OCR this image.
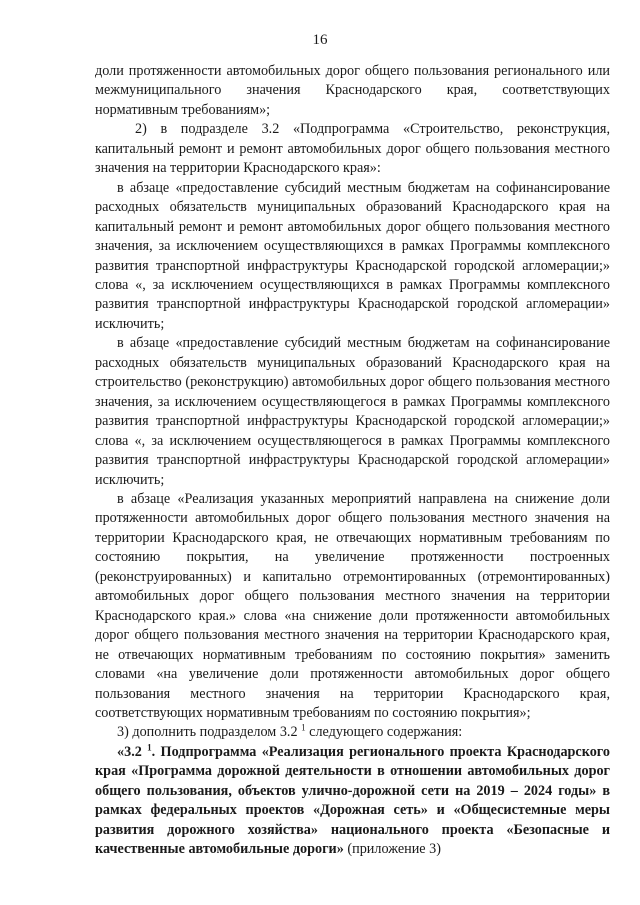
16

доли протяженности автомобильных дорог общего пользования регионального или межмуниципального значения Краснодарского края, соответствующих нормативным требованиям»;

2) в подразделе 3.2 «Подпрограмма «Строительство, реконструкция, капитальный ремонт и ремонт автомобильных дорог общего пользования местного значения на территории Краснодарского края»:

в абзаце «предоставление субсидий местным бюджетам на софинансирование расходных обязательств муниципальных образований Краснодарского края на капитальный ремонт и ремонт автомобильных дорог общего пользования местного значения, за исключением осуществляющихся в рамках Программы комплексного развития транспортной инфраструктуры Краснодарской городской агломерации;» слова «, за исключением осуществляющихся в рамках Программы комплексного развития транспортной инфраструктуры Краснодарской городской агломерации» исключить;

в абзаце «предоставление субсидий местным бюджетам на софинансирование расходных обязательств муниципальных образований Краснодарского края на строительство (реконструкцию) автомобильных дорог общего пользования местного значения, за исключением осуществляющегося в рамках Программы комплексного развития транспортной инфраструктуры Краснодарской городской агломерации;» слова «, за исключением осуществляющегося в рамках Программы комплексного развития транспортной инфраструктуры Краснодарской городской агломерации» исключить;

в абзаце «Реализация указанных мероприятий направлена на снижение доли протяженности автомобильных дорог общего пользования местного значения на территории Краснодарского края, не отвечающих нормативным требованиям по состоянию покрытия, на увеличение протяженности построенных (реконструированных) и капитально отремонтированных (отремонтированных) автомобильных дорог общего пользования местного значения на территории Краснодарского края.» слова «на снижение доли протяженности автомобильных дорог общего пользования местного значения на территории Краснодарского края, не отвечающих нормативным требованиям по состоянию покрытия» заменить словами «на увеличение доли протяженности автомобильных дорог общего пользования местного значения на территории Краснодарского края, соответствующих нормативным требованиям по состоянию покрытия»;

3) дополнить подразделом 3.2 $^1$ следующего содержания:

«3.2 $^1$. Подпрограмма «Реализация регионального проекта Краснодарского края «Программа дорожной деятельности в отношении автомобильных дорог общего пользования, объектов улично-дорожной сети на 2019 – 2024 годы» в рамках федеральных проектов «Дорожная сеть» и «Общесистемные меры развития дорожного хозяйства» национального проекта «Безопасные и качественные автомобильные дороги» (приложение 3)
